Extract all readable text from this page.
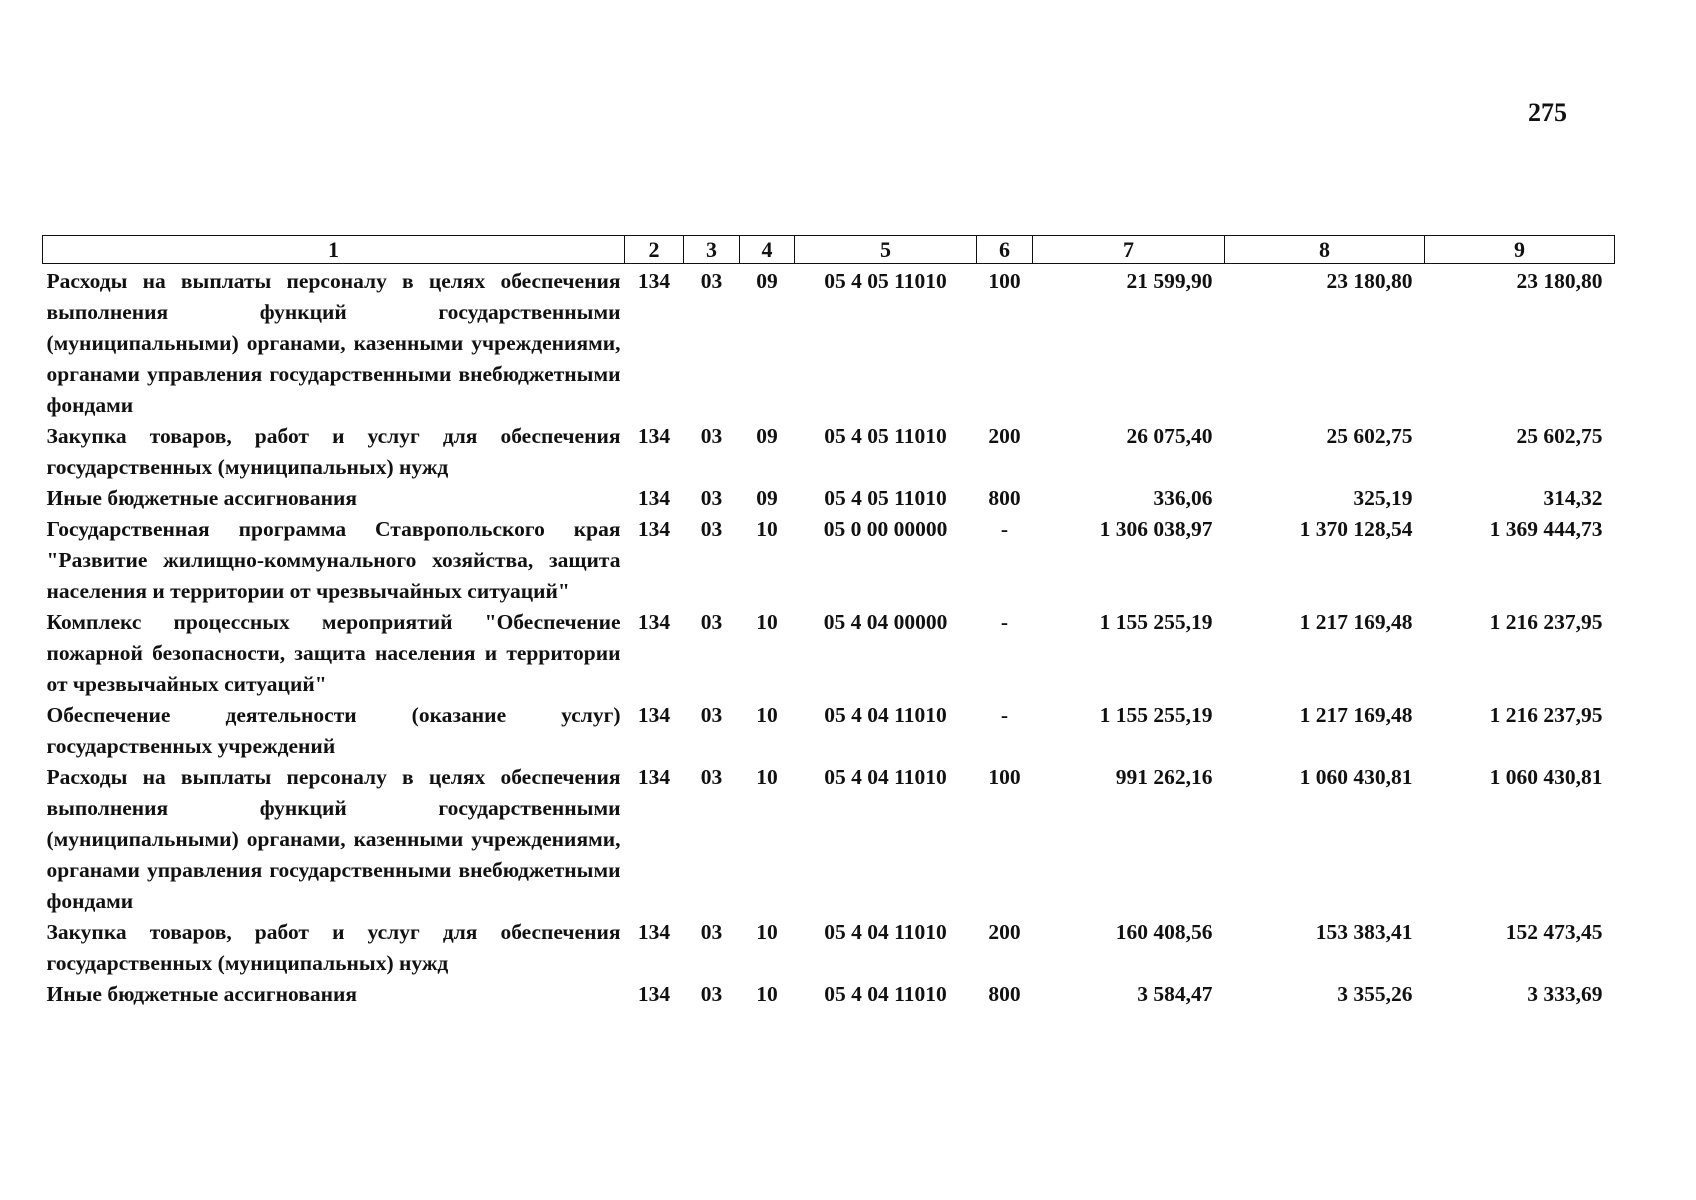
275
1	2	3	4	5	6	7	8	9
Расходы на выплаты персоналу в целях обеспечения выполнения функций государственными (муниципальными) органами, казенными учреждениями, органами управления государственными внебюджетными фондами	134	03	09	05 4 05 11010	100	21 599,90	23 180,80	23 180,80
Закупка товаров, работ и услуг для обеспечения государственных (муниципальных) нужд	134	03	09	05 4 05 11010	200	26 075,40	25 602,75	25 602,75
Иные бюджетные ассигнования	134	03	09	05 4 05 11010	800	336,06	325,19	314,32
Государственная программа Ставропольского края "Развитие жилищно-коммунального хозяйства, защита населения и территории от чрезвычайных ситуаций"	134	03	10	05 0 00 00000	-	1 306 038,97	1 370 128,54	1 369 444,73
Комплекс процессных мероприятий "Обеспечение пожарной безопасности, защита населения и территории от чрезвычайных ситуаций"	134	03	10	05 4 04 00000	-	1 155 255,19	1 217 169,48	1 216 237,95
Обеспечение деятельности (оказание услуг) государственных учреждений	134	03	10	05 4 04 11010	-	1 155 255,19	1 217 169,48	1 216 237,95
Расходы на выплаты персоналу в целях обеспечения выполнения функций государственными (муниципальными) органами, казенными учреждениями, органами управления государственными внебюджетными фондами	134	03	10	05 4 04 11010	100	991 262,16	1 060 430,81	1 060 430,81
Закупка товаров, работ и услуг для обеспечения государственных (муниципальных) нужд	134	03	10	05 4 04 11010	200	160 408,56	153 383,41	152 473,45
Иные бюджетные ассигнования	134	03	10	05 4 04 11010	800	3 584,47	3 355,26	3 333,69
